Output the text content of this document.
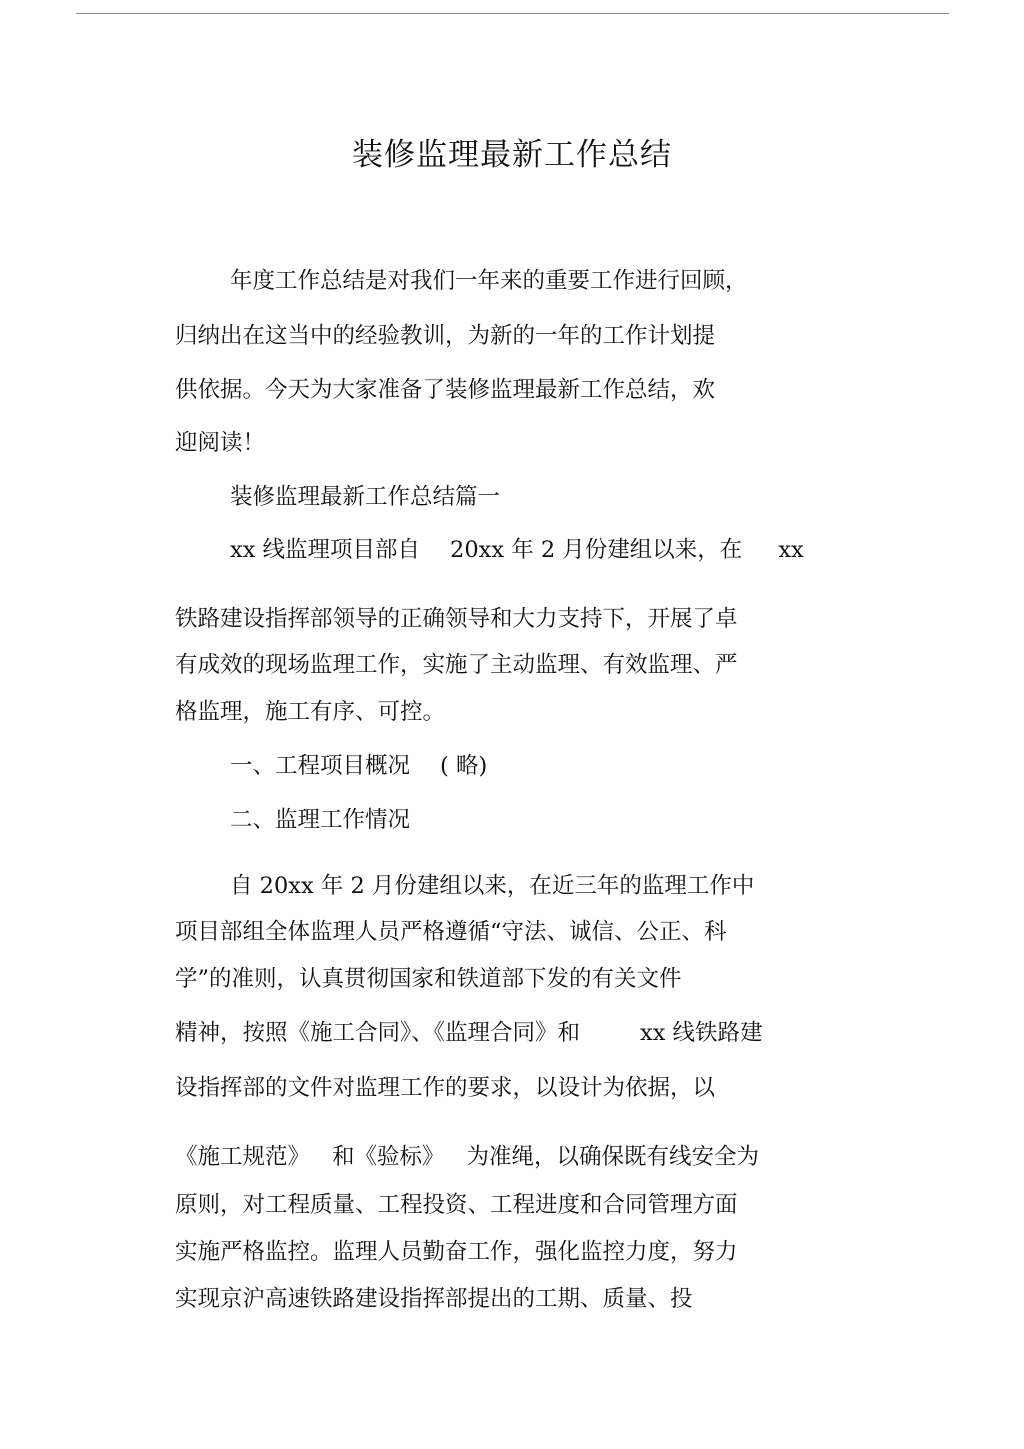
装修监理最新工作总结
年度工作总结是对我们一年来的重要工作进行回顾，
归纳出在这当中的经验教训，为新的一年的工作计划提
供依据。今天为大家准备了装修监理最新工作总结，欢
迎阅读！
装修监理最新工作总结篇一
xx 线监理项目部自 20xx 年 2 月份建组以来，在 xx
铁路建设指挥部领导的正确领导和大力支持下，开展了卓
有成效的现场监理工作，实施了主动监理、有效监理、严
格监理，施工有序、可控。
一、工程项目概况 ( 略)
二、监理工作情况
自 20xx 年 2 月份建组以来，在近三年的监理工作中
项目部组全体监理人员严格遵循“守法、诚信、公正、科
学”的准则，认真贯彻国家和铁道部下发的有关文件
精神，按照《施工合同》、《监理合同》和	xx 线铁路建
设指挥部的文件对监理工作的要求，以设计为依据，以
《施工规范》 和《验标》 为准绳，以确保既有线安全为
原则，对工程质量、工程投资、工程进度和合同管理方面
实施严格监控。监理人员勤奋工作，强化监控力度，努力
实现京沪高速铁路建设指挥部提出的工期、质量、投
